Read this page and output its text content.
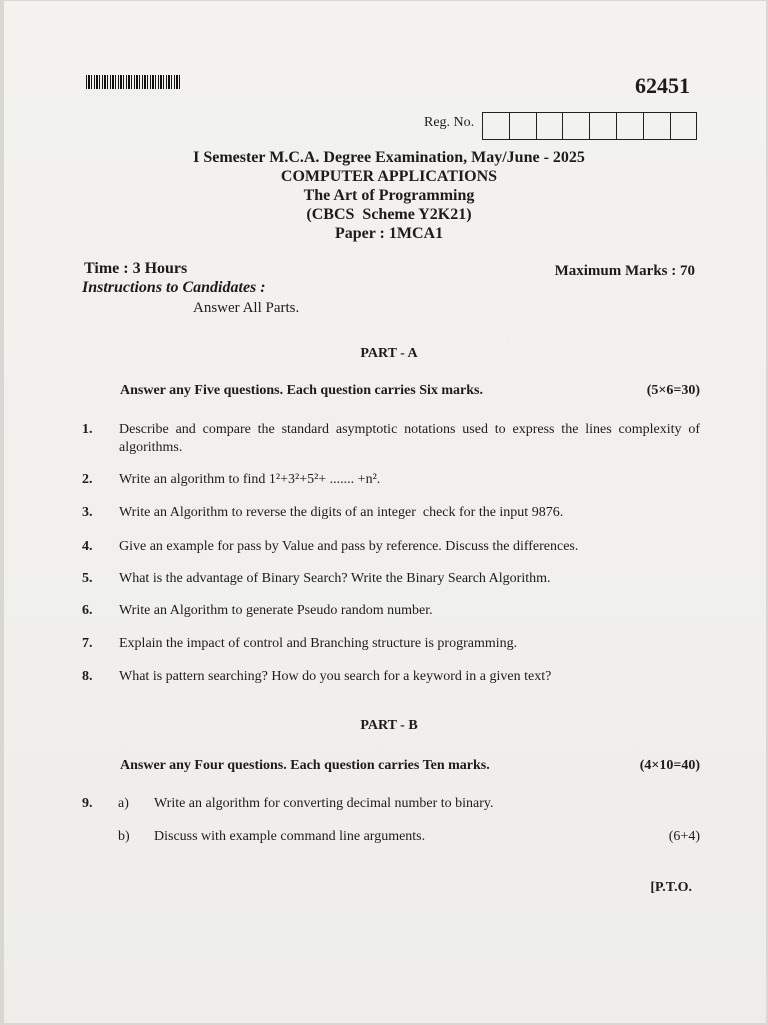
62451
Reg. No.
I Semester M.C.A. Degree Examination, May/June - 2025
COMPUTER APPLICATIONS
The Art of Programming
(CBCS  Scheme Y2K21)
Paper : 1MCA1
Time : 3 Hours	Maximum Marks : 70
Instructions to Candidates :
Answer All Parts.
PART - A
Answer any Five questions. Each question carries Six marks.	(5×6=30)
1. Describe and compare the standard asymptotic notations used to express the lines complexity of algorithms.
2. Write an algorithm to find 1²+3²+5²+ ....... +n².
3. Write an Algorithm to reverse the digits of an integer  check for the input 9876.
4. Give an example for pass by Value and pass by reference. Discuss the differences.
5. What is the advantage of Binary Search? Write the Binary Search Algorithm.
6. Write an Algorithm to generate Pseudo random number.
7. Explain the impact of control and Branching structure is programming.
8. What is pattern searching? How do you search for a keyword in a given text?
PART - B
Answer any Four questions. Each question carries Ten marks.	(4×10=40)
9. a) Write an algorithm for converting decimal number to binary.
b) Discuss with example command line arguments.	(6+4)
[P.T.O.
